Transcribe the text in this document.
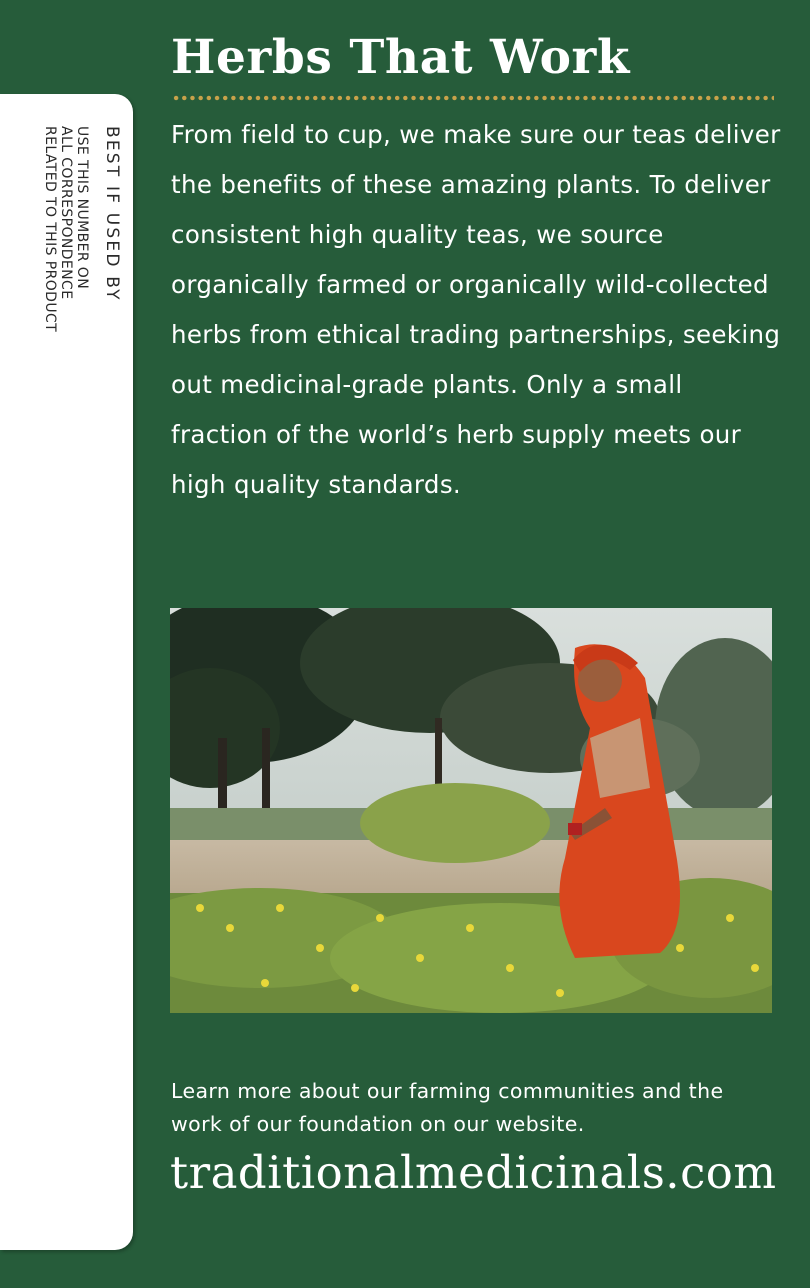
BEST IF USED BY
USE THIS NUMBER ON
ALL CORRESPONDENCE
RELATED TO THIS PRODUCT
Herbs That Work

From field to cup, we make sure our teas deliver the benefits of these amazing plants. To deliver consistent high quality teas, we source organically farmed or organically wild-collected herbs from ethical trading partnerships, seeking out medicinal-grade plants. Only a small fraction of the world’s herb supply meets our high quality standards.

Learn more about our farming communities and the work of our foundation on our website.

traditionalmedicinals.com
